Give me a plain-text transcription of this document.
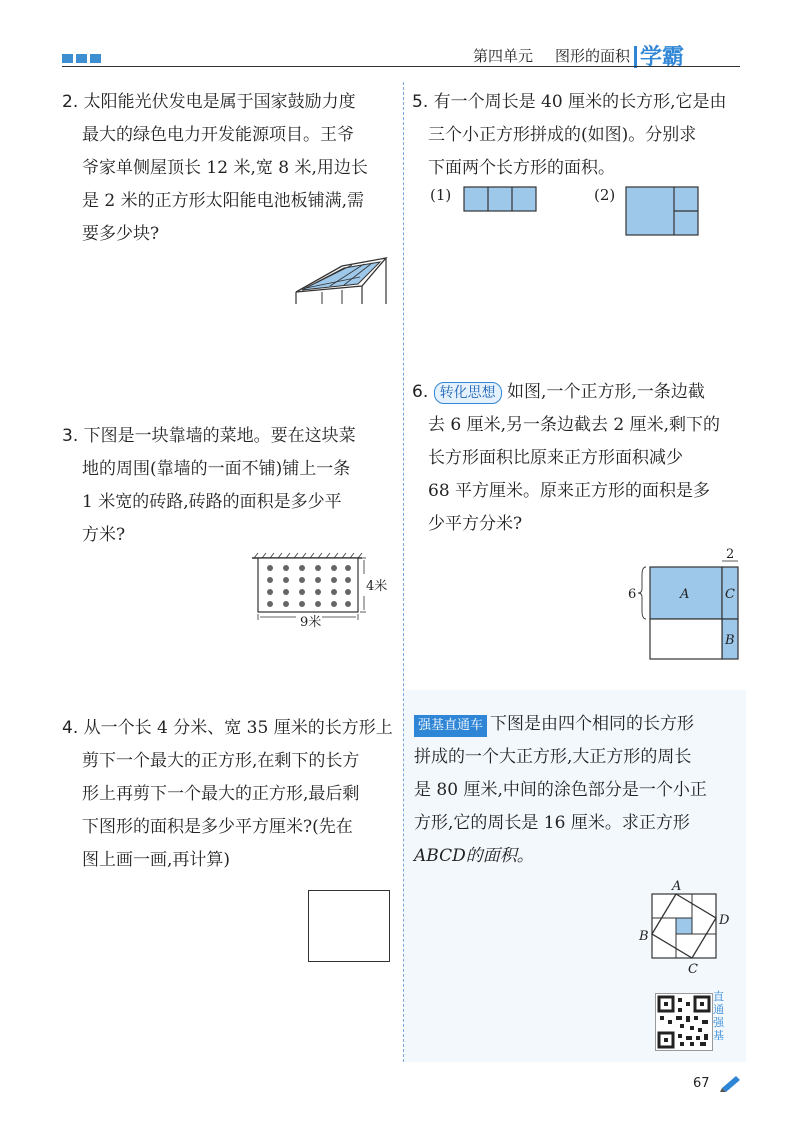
第四单元 图形的面积 学霸
2. 太阳能光伏发电是属于国家鼓励力度
最大的绿色电力开发能源项目。王爷
爷家单侧屋顶长 12 米,宽 8 米,用边长
是 2 米的正方形太阳能电池板铺满,需
要多少块?
3. 下图是一块靠墙的菜地。要在这块菜
地的周围(靠墙的一面不铺)铺上一条
1 米宽的砖路,砖路的面积是多少平
方米?
4米
9米
4. 从一个长 4 分米、宽 35 厘米的长方形上
剪下一个最大的正方形,在剩下的长方
形上再剪下一个最大的正方形,最后剩
下图形的面积是多少平方厘米?(先在
图上画一画,再计算)
5. 有一个周长是 40 厘米的长方形,它是由
三个小正方形拼成的(如图)。分别求
下面两个长方形的面积。
(1)	(2)
6. 转化思想 如图,一个正方形,一条边截
去 6 厘米,另一条边截去 2 厘米,剩下的
长方形面积比原来正方形面积减少
68 平方厘米。原来正方形的面积是多
少平方分米?
2
6	A	C
B
强基直通车 下图是由四个相同的长方形
拼成的一个大正方形,大正方形的周长
是 80 厘米,中间的涂色部分是一个小正
方形,它的周长是 16 厘米。求正方形
ABCD的面积。
A
D
B
C
直通强基
67
